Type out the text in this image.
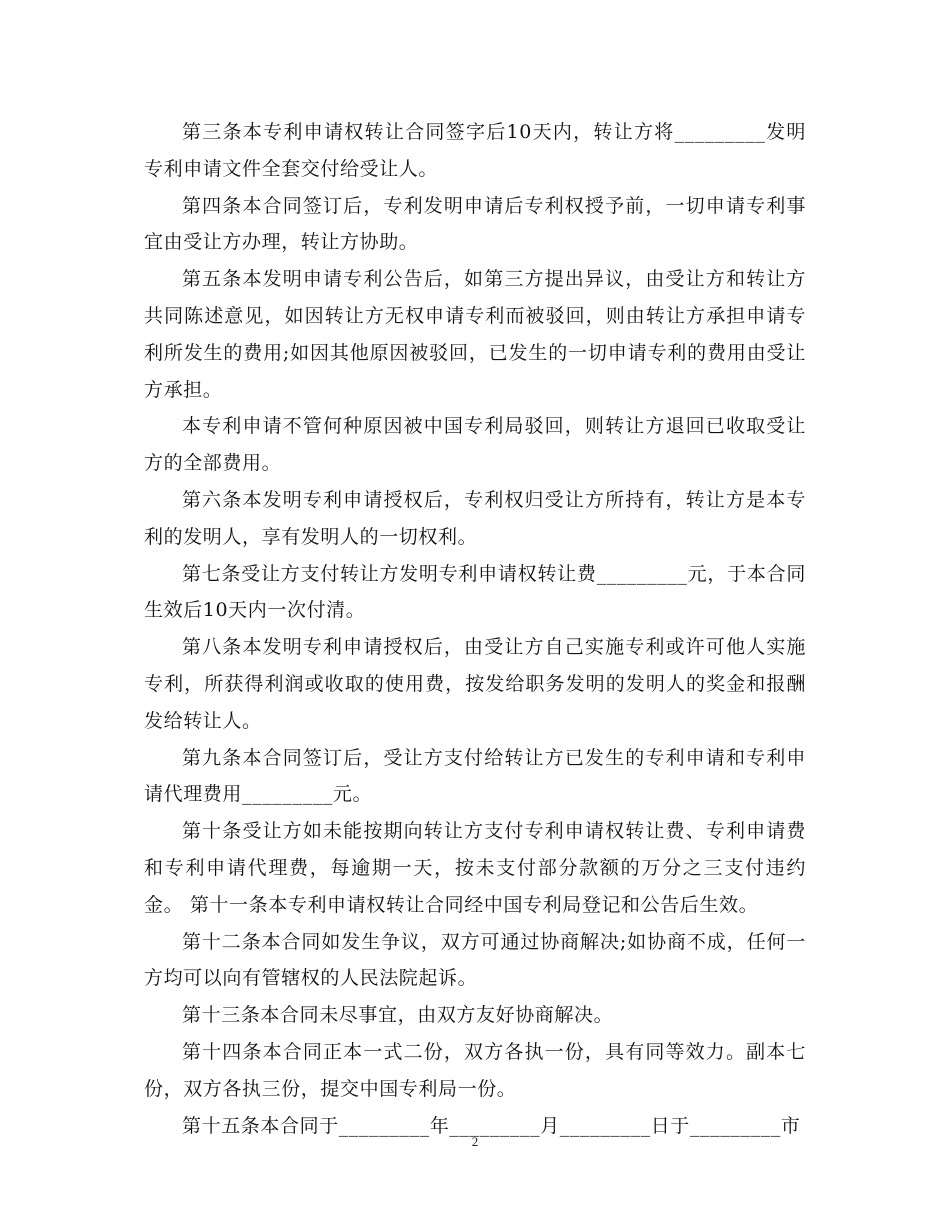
第三条本专利申请权转让合同签字后10天内，转让方将_________发明专利申请文件全套交付给受让人。

第四条本合同签订后，专利发明申请后专利权授予前，一切申请专利事宜由受让方办理，转让方协助。

第五条本发明申请专利公告后，如第三方提出异议，由受让方和转让方共同陈述意见，如因转让方无权申请专利而被驳回，则由转让方承担申请专利所发生的费用;如因其他原因被驳回，已发生的一切申请专利的费用由受让方承担。

本专利申请不管何种原因被中国专利局驳回，则转让方退回已收取受让方的全部费用。

第六条本发明专利申请授权后，专利权归受让方所持有，转让方是本专利的发明人，享有发明人的一切权利。

第七条受让方支付转让方发明专利申请权转让费_________元，于本合同生效后10天内一次付清。

第八条本发明专利申请授权后，由受让方自己实施专利或许可他人实施专利，所获得利润或收取的使用费，按发给职务发明的发明人的奖金和报酬发给转让人。

第九条本合同签订后，受让方支付给转让方已发生的专利申请和专利申请代理费用_________元。

第十条受让方如未能按期向转让方支付专利申请权转让费、专利申请费和专利申请代理费，每逾期一天，按未支付部分款额的万分之三支付违约金。 第十一条本专利申请权转让合同经中国专利局登记和公告后生效。

第十二条本合同如发生争议，双方可通过协商解决;如协商不成，任何一方均可以向有管辖权的人民法院起诉。

第十三条本合同未尽事宜，由双方友好协商解决。

第十四条本合同正本一式二份，双方各执一份，具有同等效力。副本七份，双方各执三份，提交中国专利局一份。

第十五条本合同于_________年_________月_________日于_________市

2
